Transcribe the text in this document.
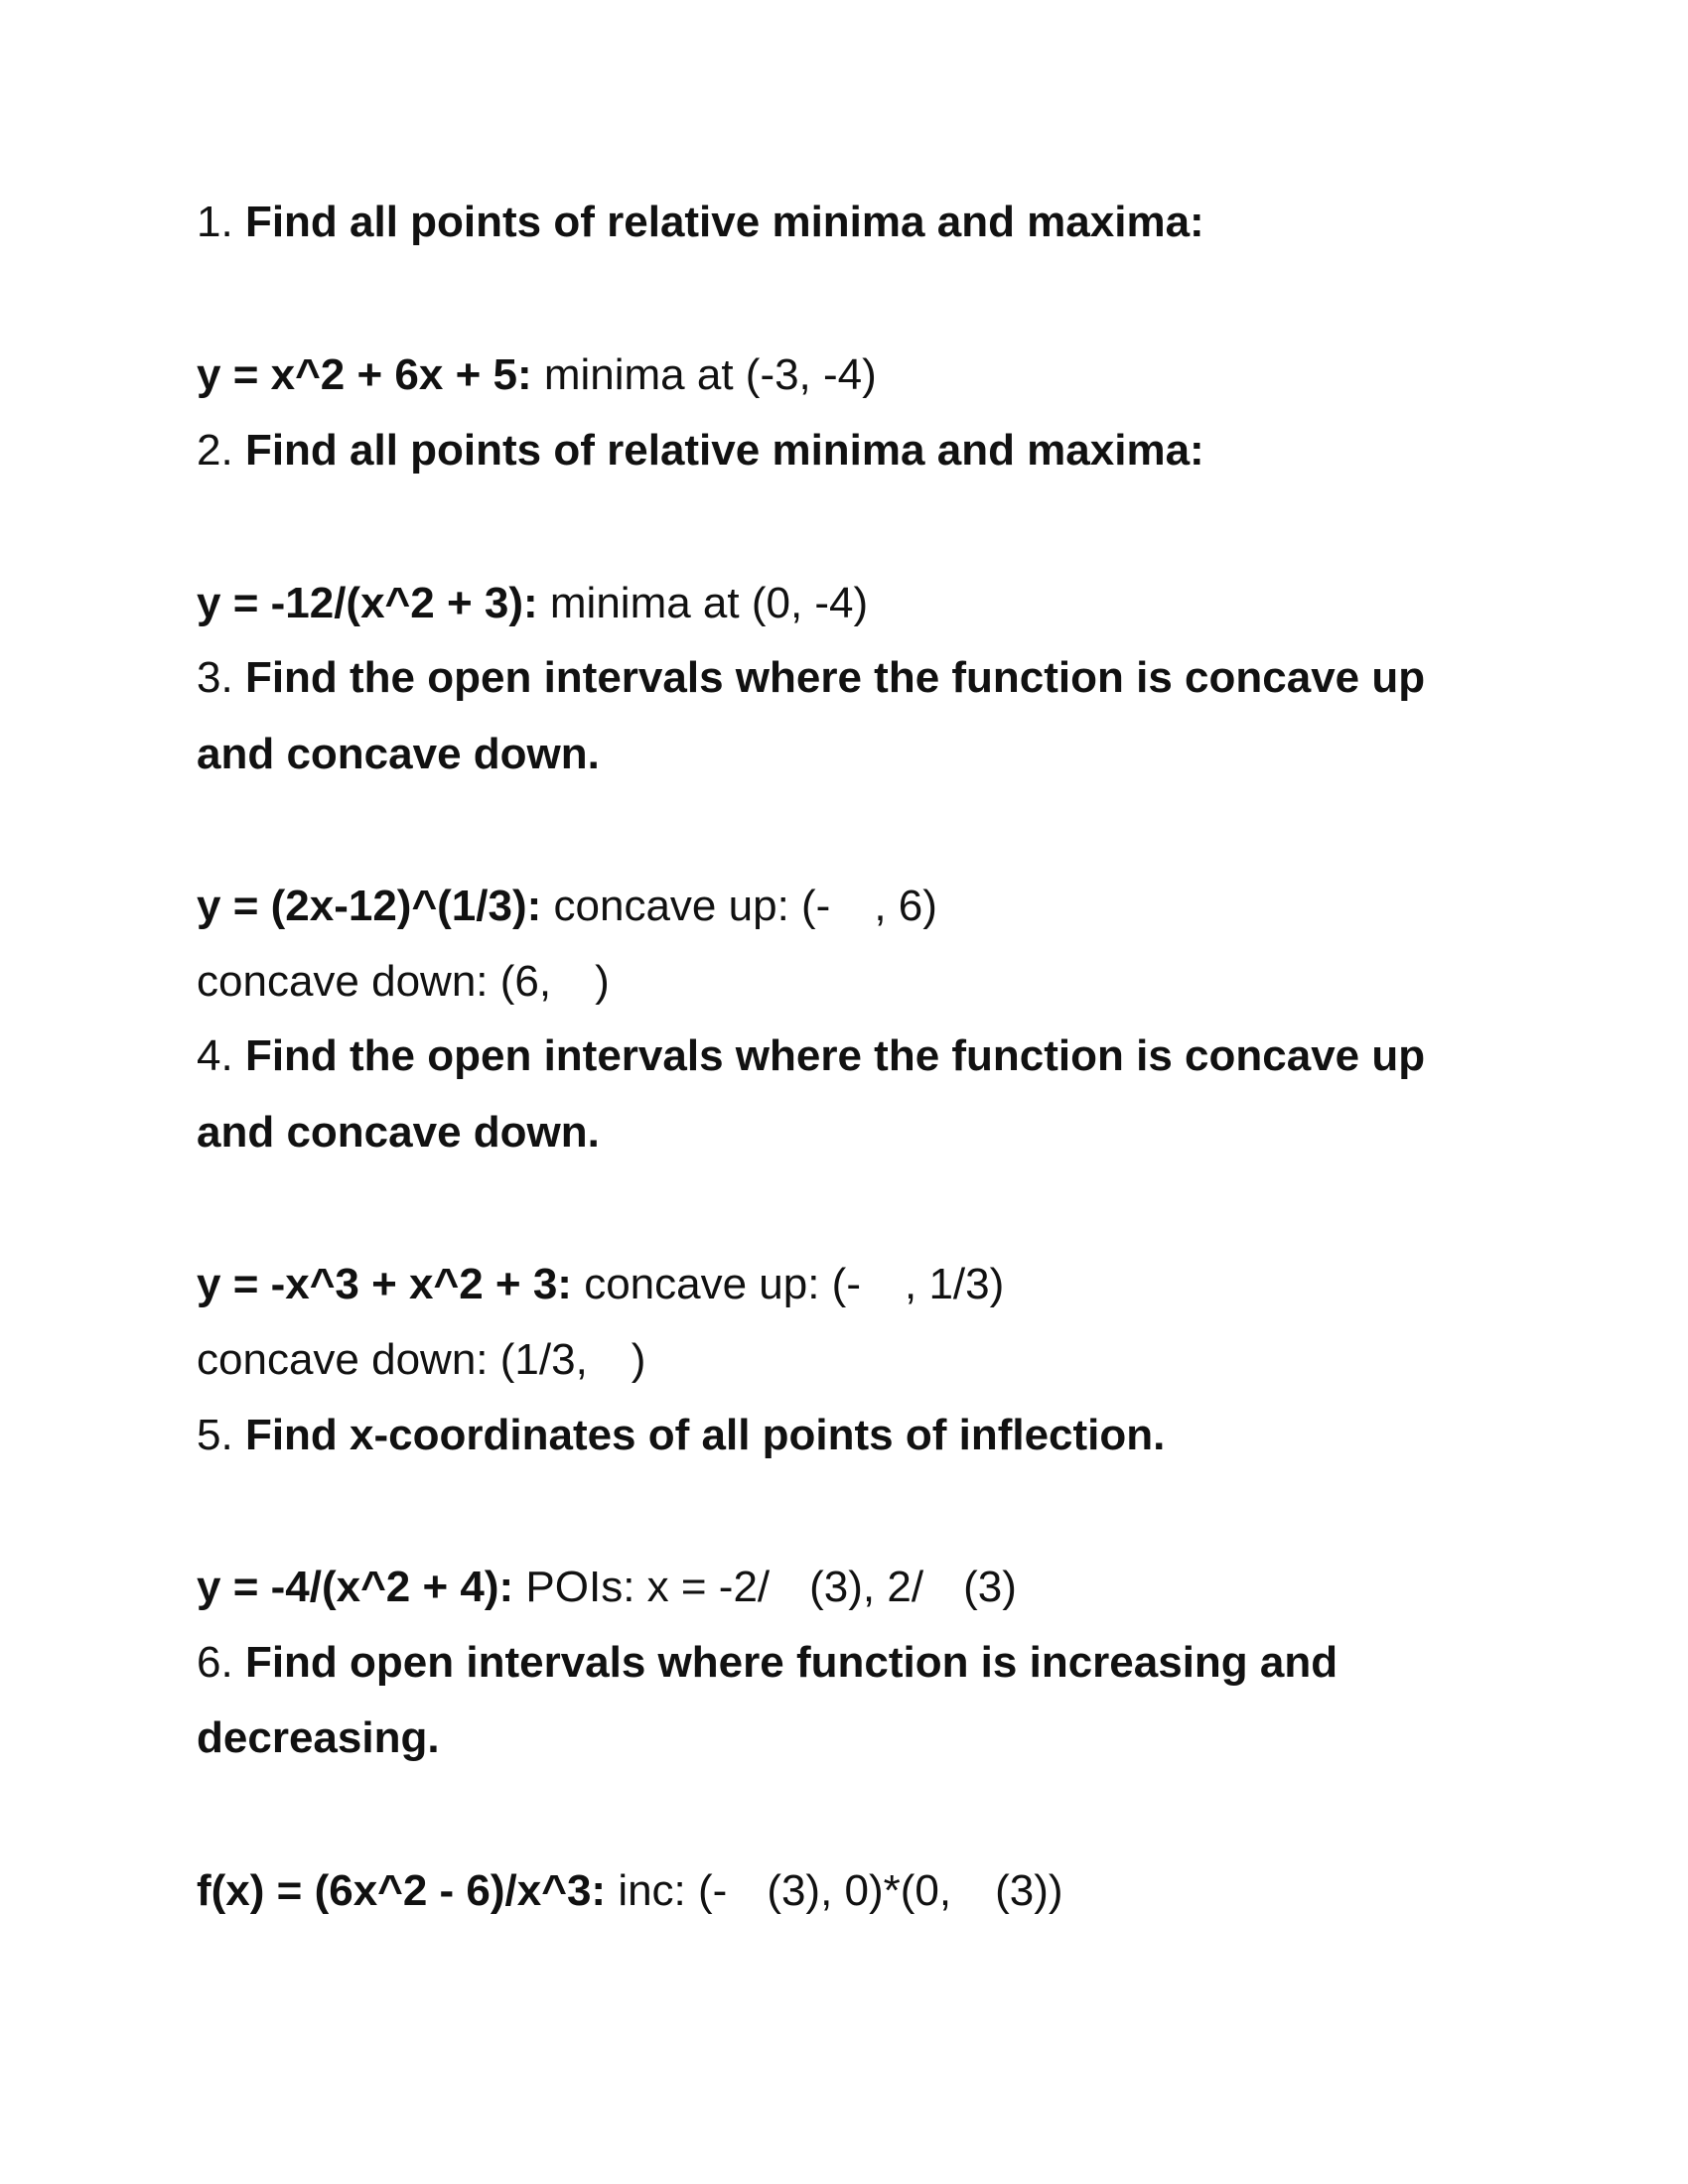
1. Find all points of relative minima and maxima:
y = x^2 + 6x + 5: minima at (-3, -4)
2. Find all points of relative minima and maxima:
y = -12/(x^2 + 3): minima at (0, -4)
3. Find the open intervals where the function is concave up
and concave down.
y = (2x-12)^(1/3): concave up: (- , 6)
concave down: (6, )
4. Find the open intervals where the function is concave up
and concave down.
y = -x^3 + x^2 + 3: concave up: (- , 1/3)
concave down: (1/3, )
5. Find x-coordinates of all points of inflection.
y = -4/(x^2 + 4): POIs: x = -2/ (3), 2/ (3)
6. Find open intervals where function is increasing and
decreasing.
f(x) = (6x^2 - 6)/x^3: inc: (- (3), 0)*(0, (3))
